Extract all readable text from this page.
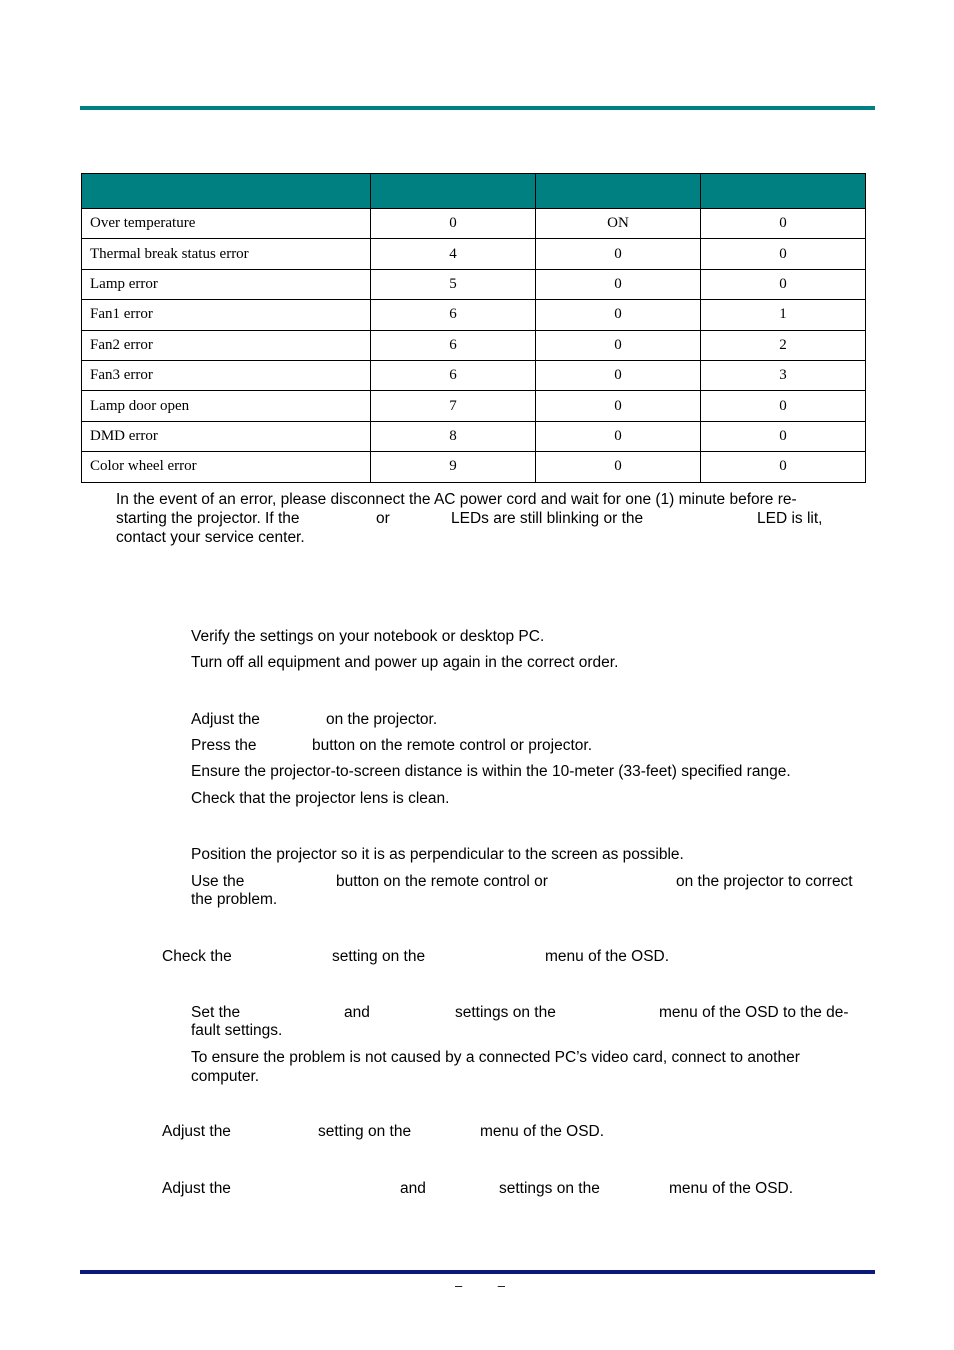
Over temperature	0	ON	0
Thermal break status error	4	0	0
Lamp error	5	0	0
Fan1 error	6	0	1
Fan2 error	6	0	2
Fan3 error	6	0	3
Lamp door open	7	0	0
DMD error	8	0	0
Color wheel error	9	0	0
In the event of an error, please disconnect the AC power cord and wait for one (1) minute before re-
starting the projector. If the	or	LEDs are still blinking or the	LED is lit,
contact your service center.
Verify the settings on your notebook or desktop PC.
Turn off all equipment and power up again in the correct order.
Adjust the	on the projector.
Press the	button on the remote control or projector.
Ensure the projector-to-screen distance is within the 10-meter (33-feet) specified range.
Check that the projector lens is clean.
Position the projector so it is as perpendicular to the screen as possible.
Use the	button on the remote control or	on the projector to correct
the problem.
Check the	setting on the	menu of the OSD.
Set the	and	settings on the	menu of the OSD to the de-
fault settings.
To ensure the problem is not caused by a connected PC’s video card, connect to another
computer.
Adjust the	setting on the	menu of the OSD.
Adjust the	and	settings on the	menu of the OSD.
–	–
